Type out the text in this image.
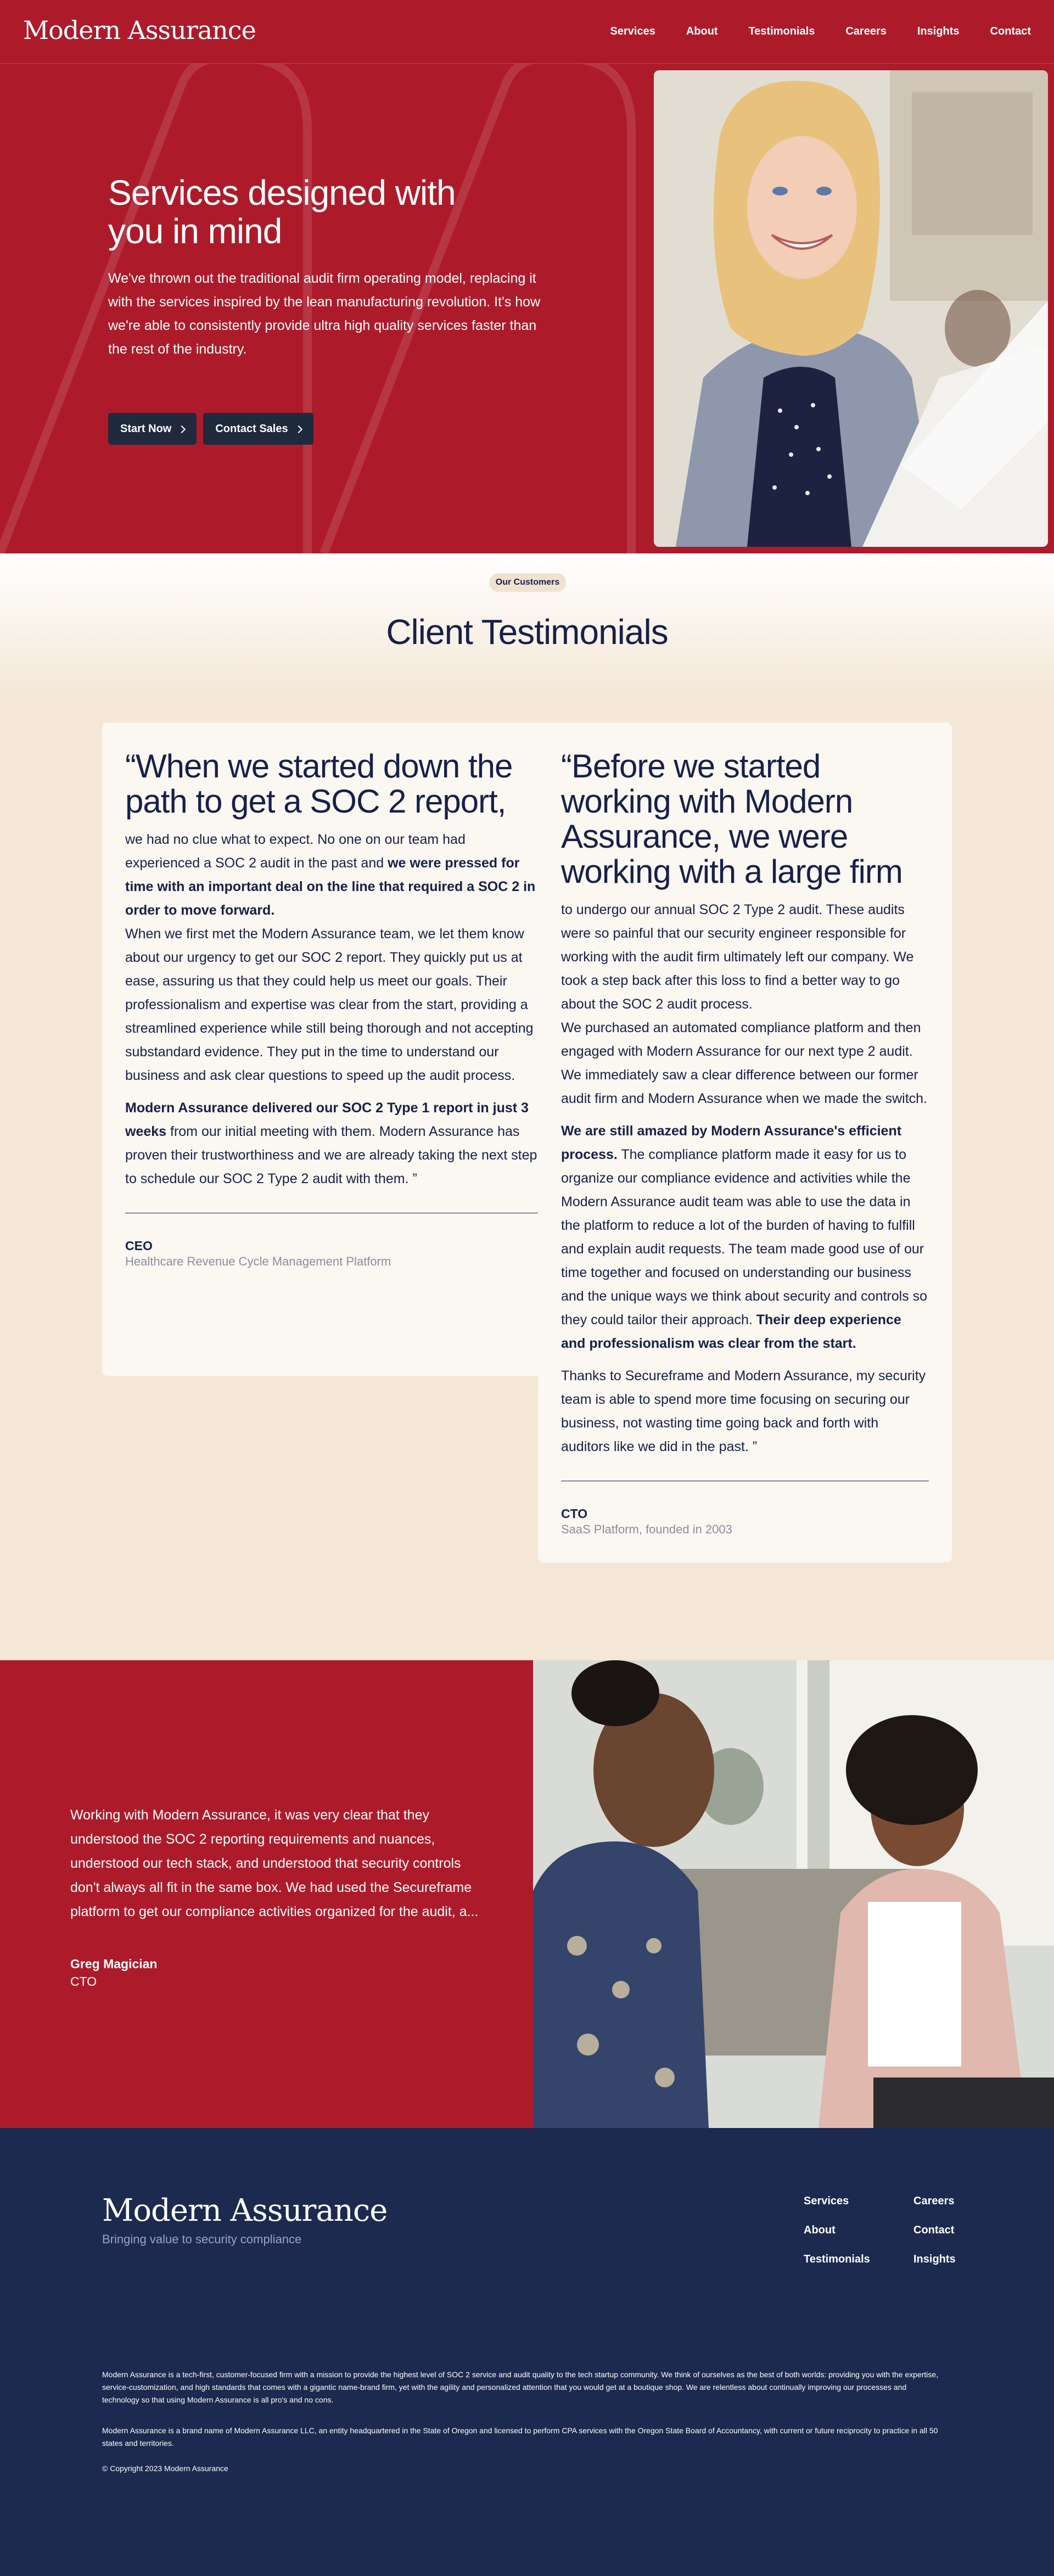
Modern Assurance	Services	About	Testimonials	Careers	Insights	Contact
Services designed with you in mind

We've thrown out the traditional audit firm operating model, replacing it with the services inspired by the lean manufacturing revolution. It's how we're able to consistently provide ultra high quality services faster than the rest of the industry.

Start Now	Contact Sales
Our Customers
Client Testimonials
“When we started down the path to get a SOC 2 report,

we had no clue what to expect. No one on our team had experienced a SOC 2 audit in the past and we were pressed for time with an important deal on the line that required a SOC 2 in order to move forward.

When we first met the Modern Assurance team, we let them know about our urgency to get our SOC 2 report. They quickly put us at ease, assuring us that they could help us meet our goals. Their professionalism and expertise was clear from the start, providing a streamlined experience while still being thorough and not accepting substandard evidence. They put in the time to understand our business and ask clear questions to speed up the audit process.

Modern Assurance delivered our SOC 2 Type 1 report in just 3 weeks from our initial meeting with them. Modern Assurance has proven their trustworthiness and we are already taking the next step to schedule our SOC 2 Type 2 audit with them. ”

CEO
Healthcare Revenue Cycle Management Platform
“Before we started working with Modern Assurance, we were working with a large firm

to undergo our annual SOC 2 Type 2 audit. These audits were so painful that our security engineer responsible for working with the audit firm ultimately left our company. We took a step back after this loss to find a better way to go about the SOC 2 audit process.

We purchased an automated compliance platform and then engaged with Modern Assurance for our next type 2 audit. We immediately saw a clear difference between our former audit firm and Modern Assurance when we made the switch.

We are still amazed by Modern Assurance's efficient process. The compliance platform made it easy for us to organize our compliance evidence and activities while the Modern Assurance audit team was able to use the data in the platform to reduce a lot of the burden of having to fulfill and explain audit requests. The team made good use of our time together and focused on understanding our business and the unique ways we think about security and controls so they could tailor their approach. Their deep experience and professionalism was clear from the start.

Thanks to Secureframe and Modern Assurance, my security team is able to spend more time focusing on securing our business, not wasting time going back and forth with auditors like we did in the past. ”

CTO
SaaS Platform, founded in 2003

Working with Modern Assurance, it was very clear that they understood the SOC 2 reporting requirements and nuances, understood our tech stack, and understood that security controls don't always all fit in the same box. We had used the Secureframe platform to get our compliance activities organized for the audit, a...

Greg Magician
CTO
Modern Assurance
Bringing value to security compliance
Services	Careers
About	Contact
Testimonials	Insights

Modern Assurance is a tech-first, customer-focused firm with a mission to provide the highest level of SOC 2 service and audit quality to the tech startup community. We think of ourselves as the best of both worlds: providing you with the expertise, service-customization, and high standards that comes with a gigantic name-brand firm, yet with the agility and personalized attention that you would get at a boutique shop. We are relentless about continually improving our processes and technology so that using Modern Assurance is all pro's and no cons.

Modern Assurance is a brand name of Modern Assurance LLC, an entity headquartered in the State of Oregon and licensed to perform CPA services with the Oregon State Board of Accountancy, with current or future reciprocity to practice in all 50 states and territories.

© Copyright 2023 Modern Assurance
